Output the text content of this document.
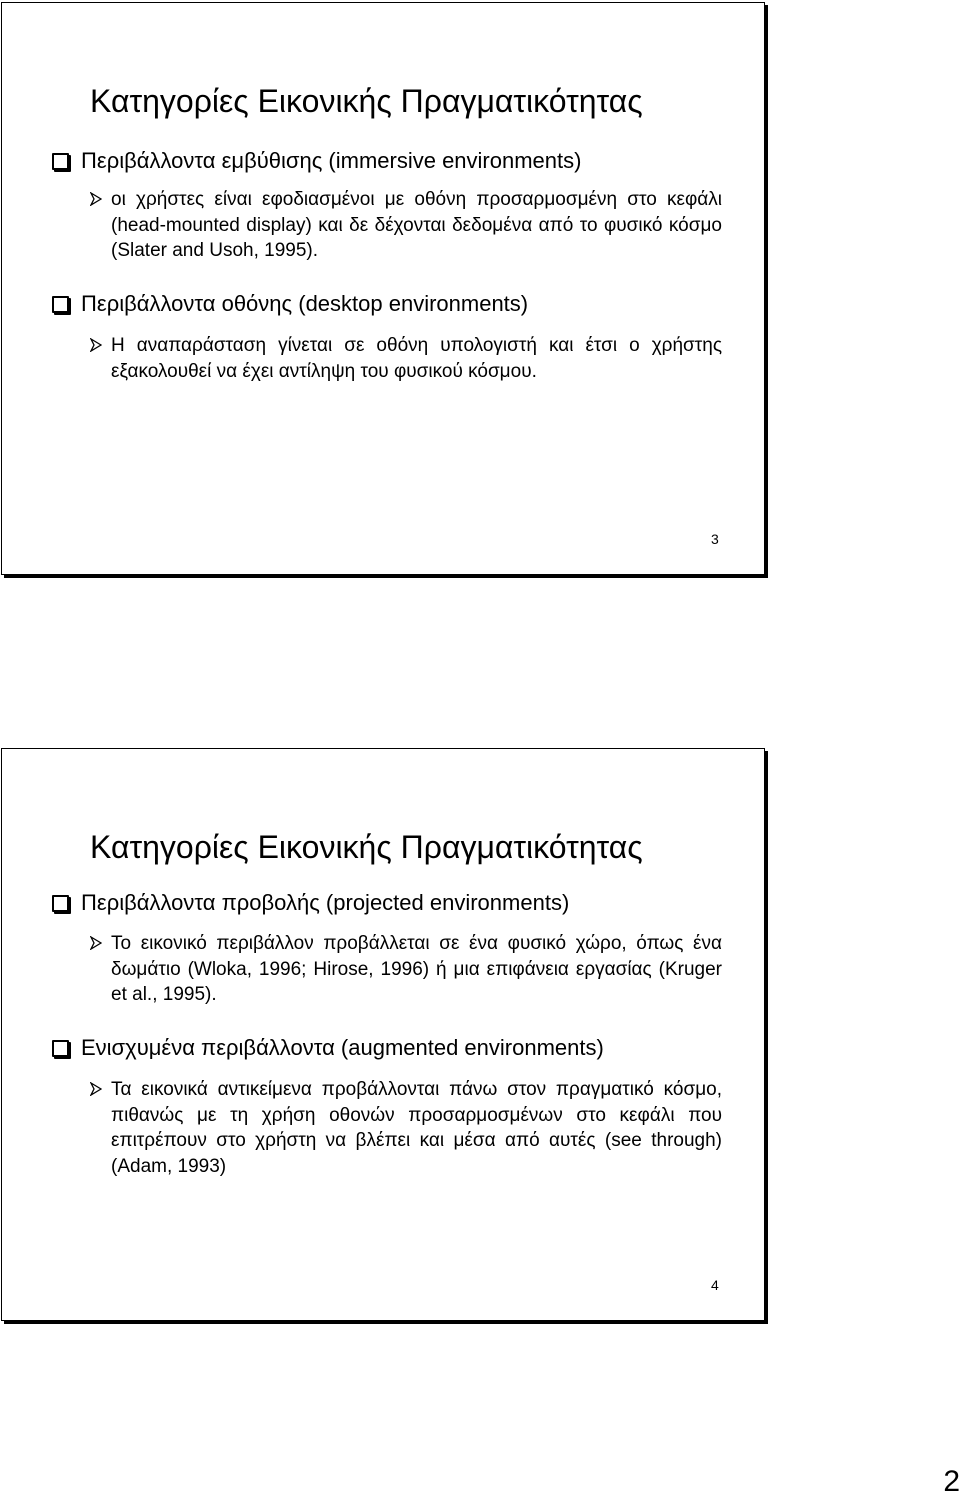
Κατηγορίες Εικονικής Πραγματικότητας
Περιβάλλοντα εμβύθισης (immersive environments)
οι χρήστες είναι εφοδιασμένοι με οθόνη προσαρμοσμένη στο κεφάλι (head-mounted display) και δε δέχονται δεδομένα από το φυσικό κόσμο (Slater and Usoh, 1995).
Περιβάλλοντα οθόνης (desktop environments)
Η αναπαράσταση γίνεται σε οθόνη υπολογιστή και έτσι ο χρήστης εξακολουθεί να έχει αντίληψη του φυσικού κόσμου.
3
Κατηγορίες Εικονικής Πραγματικότητας
Περιβάλλοντα προβολής (projected environments)
Το εικονικό περιβάλλον προβάλλεται σε ένα φυσικό χώρο, όπως ένα δωμάτιο (Wloka, 1996; Hirose, 1996) ή μια επιφάνεια εργασίας (Kruger et al., 1995).
Ενισχυμένα περιβάλλοντα (augmented environments)
Τα εικονικά αντικείμενα προβάλλονται πάνω στον πραγματικό κόσμο, πιθανώς με τη χρήση οθονών προσαρμοσμένων στο κεφάλι που επιτρέπουν στο χρήστη να βλέπει και μέσα από αυτές (see through) (Adam, 1993)
4
2
